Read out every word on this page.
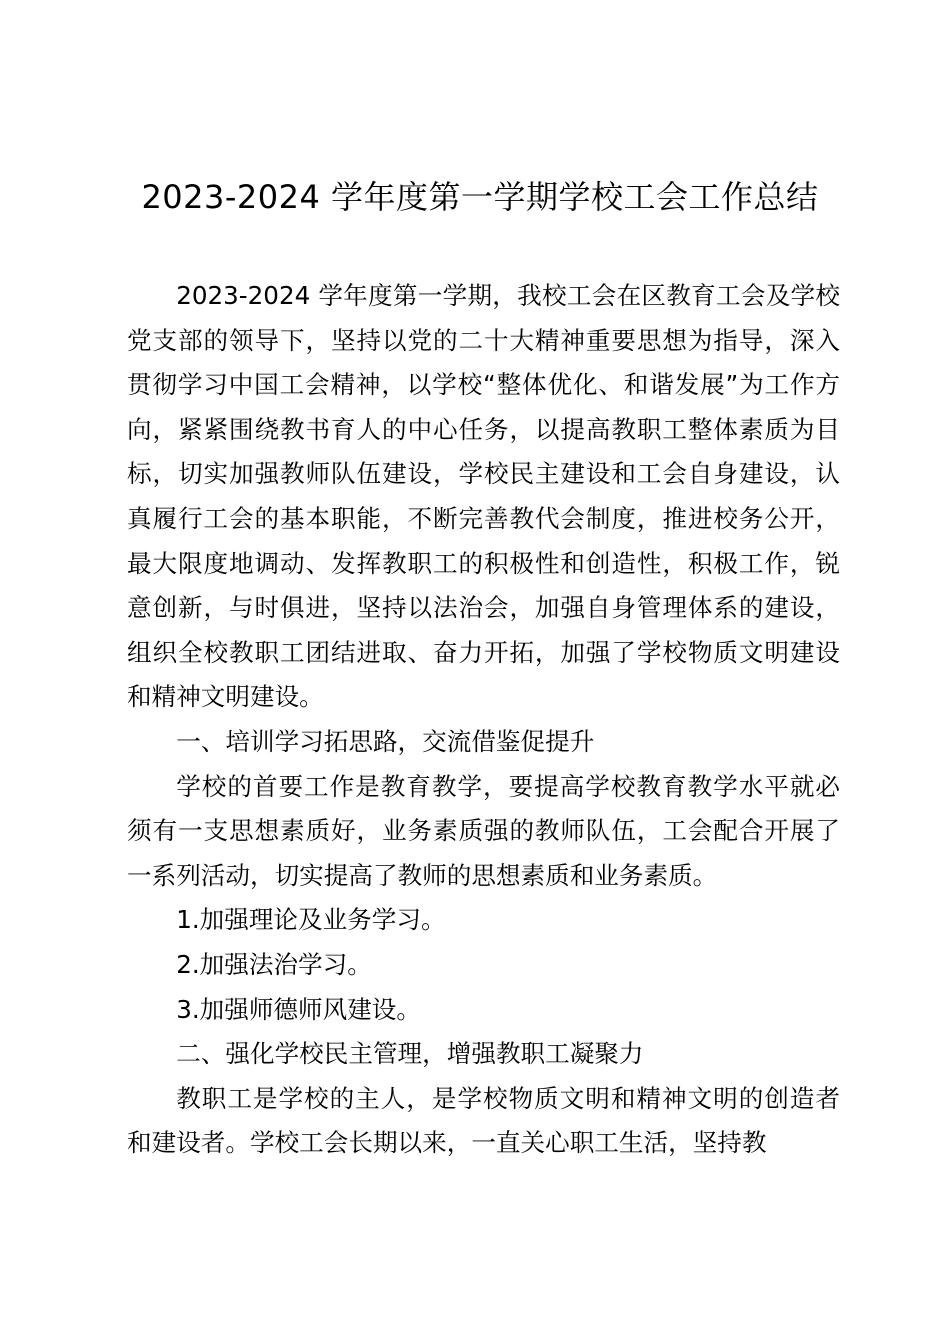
2023-2024 学年度第一学期学校工会工作总结

2023-2024 学年度第一学期，我校工会在区教育工会及学校党支部的领导下，坚持以党的二十大精神重要思想为指导，深入贯彻学习中国工会精神，以学校“整体优化、和谐发展”为工作方向，紧紧围绕教书育人的中心任务，以提高教职工整体素质为目标，切实加强教师队伍建设，学校民主建设和工会自身建设，认真履行工会的基本职能，不断完善教代会制度，推进校务公开，最大限度地调动、发挥教职工的积极性和创造性，积极工作，锐意创新，与时俱进，坚持以法治会，加强自身管理体系的建设，组织全校教职工团结进取、奋力开拓，加强了学校物质文明建设和精神文明建设。

一、培训学习拓思路，交流借鉴促提升

学校的首要工作是教育教学，要提高学校教育教学水平就必须有一支思想素质好，业务素质强的教师队伍，工会配合开展了一系列活动，切实提高了教师的思想素质和业务素质。

1.加强理论及业务学习。

2.加强法治学习。

3.加强师德师风建设。

二、强化学校民主管理，增强教职工凝聚力

教职工是学校的主人，是学校物质文明和精神文明的创造者和建设者。学校工会长期以来，一直关心职工生活，坚持教
